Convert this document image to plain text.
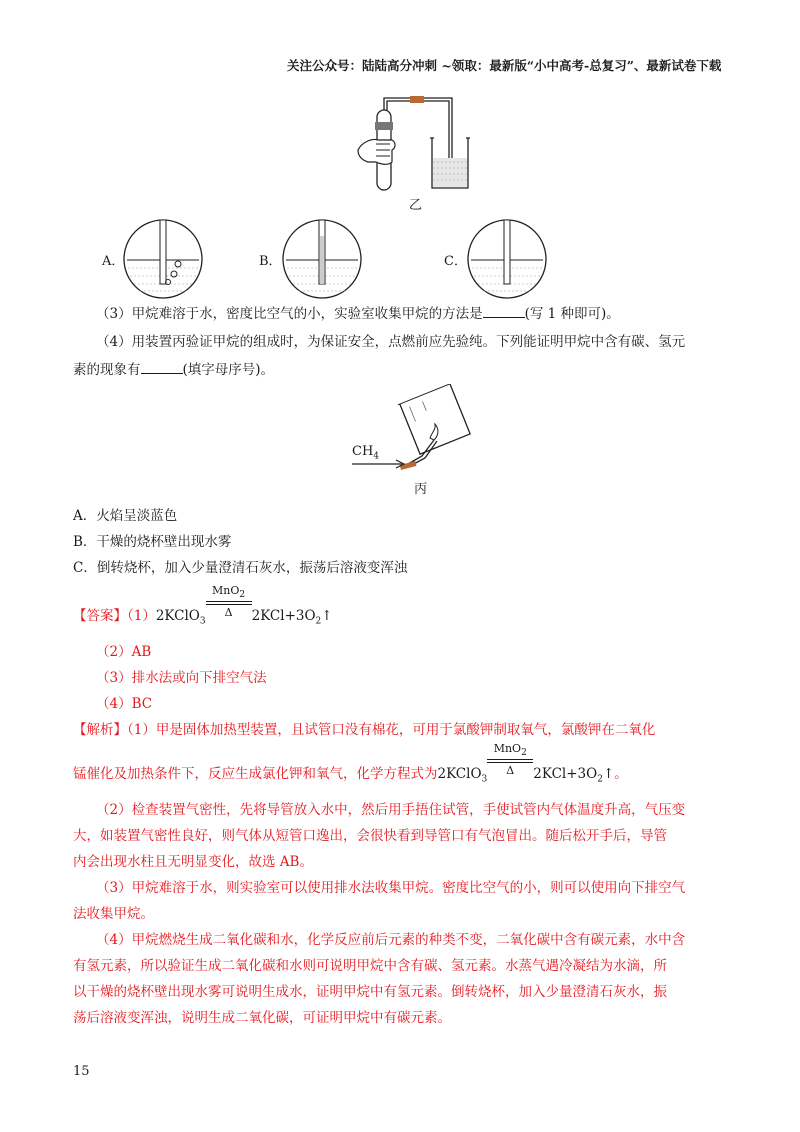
关注公众号：陆陆高分冲刺 ~领取：最新版“小中高考-总复习”、最新试卷下载
乙
A．	B．	C．
（3）甲烷难溶于水，密度比空气的小，实验室收集甲烷的方法是	(写 1 种即可)。
（4）用装置丙验证甲烷的组成时，为保证安全，点燃前应先验纯。下列能证明甲烷中含有碳、氢元
素的现象有	(填字母序号)。
$CH_4$
丙
A．火焰呈淡蓝色
B．干燥的烧杯壁出现水雾
C．倒转烧杯，加入少量澄清石灰水，振荡后溶液变浑浊
【答案】（1）2KClO$_3$ $\frac{MnO_2}{\Delta}$ $2KCl+3O_2↑$
（2）AB
（3）排水法或向下排空气法
（4）BC
【解析】（1）甲是固体加热型装置，且试管口没有棉花，可用于氯酸钾制取氧气，氯酸钾在二氧化
锰催化及加热条件下，反应生成氯化钾和氧气，化学方程式为2KClO$_3$ $\frac{MnO_2}{\Delta}$ $2KCl+3O_2↑$。
（2）检查装置气密性，先将导管放入水中，然后用手捂住试管，手使试管内气体温度升高，气压变
大，如装置气密性良好，则气体从短管口逸出，会很快看到导管口有气泡冒出。随后松开手后，导管
内会出现水柱且无明显变化，故选 AB。
（3）甲烷难溶于水，则实验室可以使用排水法收集甲烷。密度比空气的小，则可以使用向下排空气
法收集甲烷。
（4）甲烷燃烧生成二氧化碳和水，化学反应前后元素的种类不变，二氧化碳中含有碳元素，水中含
有氢元素，所以验证生成二氧化碳和水则可说明甲烷中含有碳、氢元素。水蒸气遇冷凝结为水滴，所
以干燥的烧杯壁出现水雾可说明生成水，证明甲烷中有氢元素。倒转烧杯，加入少量澄清石灰水，振
荡后溶液变浑浊，说明生成二氧化碳，可证明甲烷中有碳元素。
15
